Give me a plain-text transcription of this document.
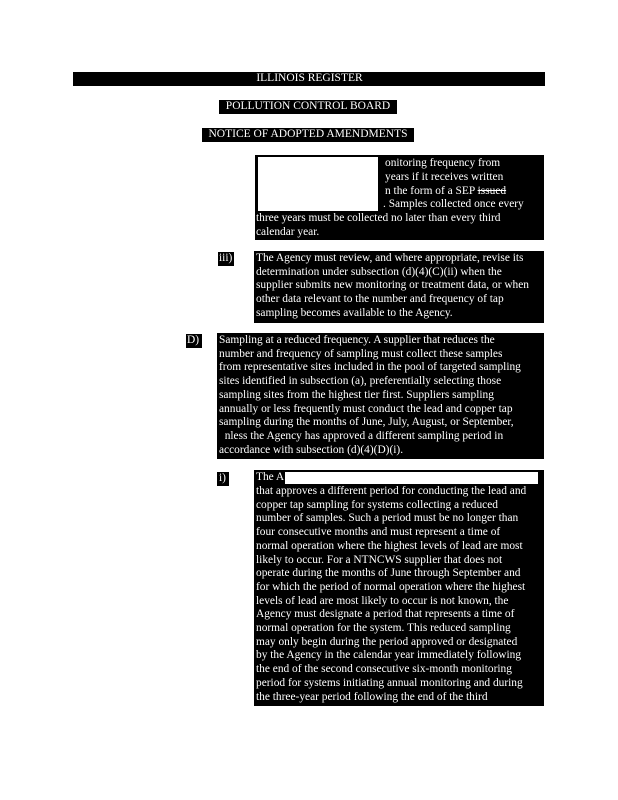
ILLINOIS REGISTER
POLLUTION CONTROL BOARD
NOTICE OF ADOPTED AMENDMENTS
onitoring frequency from
years if it receives written
n the form of a SEP issued
. Samples collected once every
three years must be collected no later than every third
calendar year.
iii) The Agency must review, and where appropriate, revise its
determination under subsection (d)(4)(C)(ii) when the
supplier submits new monitoring or treatment data, or when
other data relevant to the number and frequency of tap
sampling becomes available to the Agency.
D) Sampling at a reduced frequency. A supplier that reduces the
number and frequency of sampling must collect these samples
from representative sites included in the pool of targeted sampling
sites identified in subsection (a), preferentially selecting those
sampling sites from the highest tier first. Suppliers sampling
annually or less frequently must conduct the lead and copper tap
sampling during the months of June, July, August, or September,
nless the Agency has approved a different sampling period in
accordance with subsection (d)(4)(D)(i).
i)	The A
that approves a different period for conducting the lead and
copper tap sampling for systems collecting a reduced
number of samples. Such a period must be no longer than
four consecutive months and must represent a time of
normal operation where the highest levels of lead are most
likely to occur. For a NTNCWS supplier that does not
operate during the months of June through September and
for which the period of normal operation where the highest
levels of lead are most likely to occur is not known, the
Agency must designate a period that represents a time of
normal operation for the system. This reduced sampling
may only begin during the period approved or designated
by the Agency in the calendar year immediately following
the end of the second consecutive six-month monitoring
period for systems initiating annual monitoring and during
the three-year period following the end of the third
